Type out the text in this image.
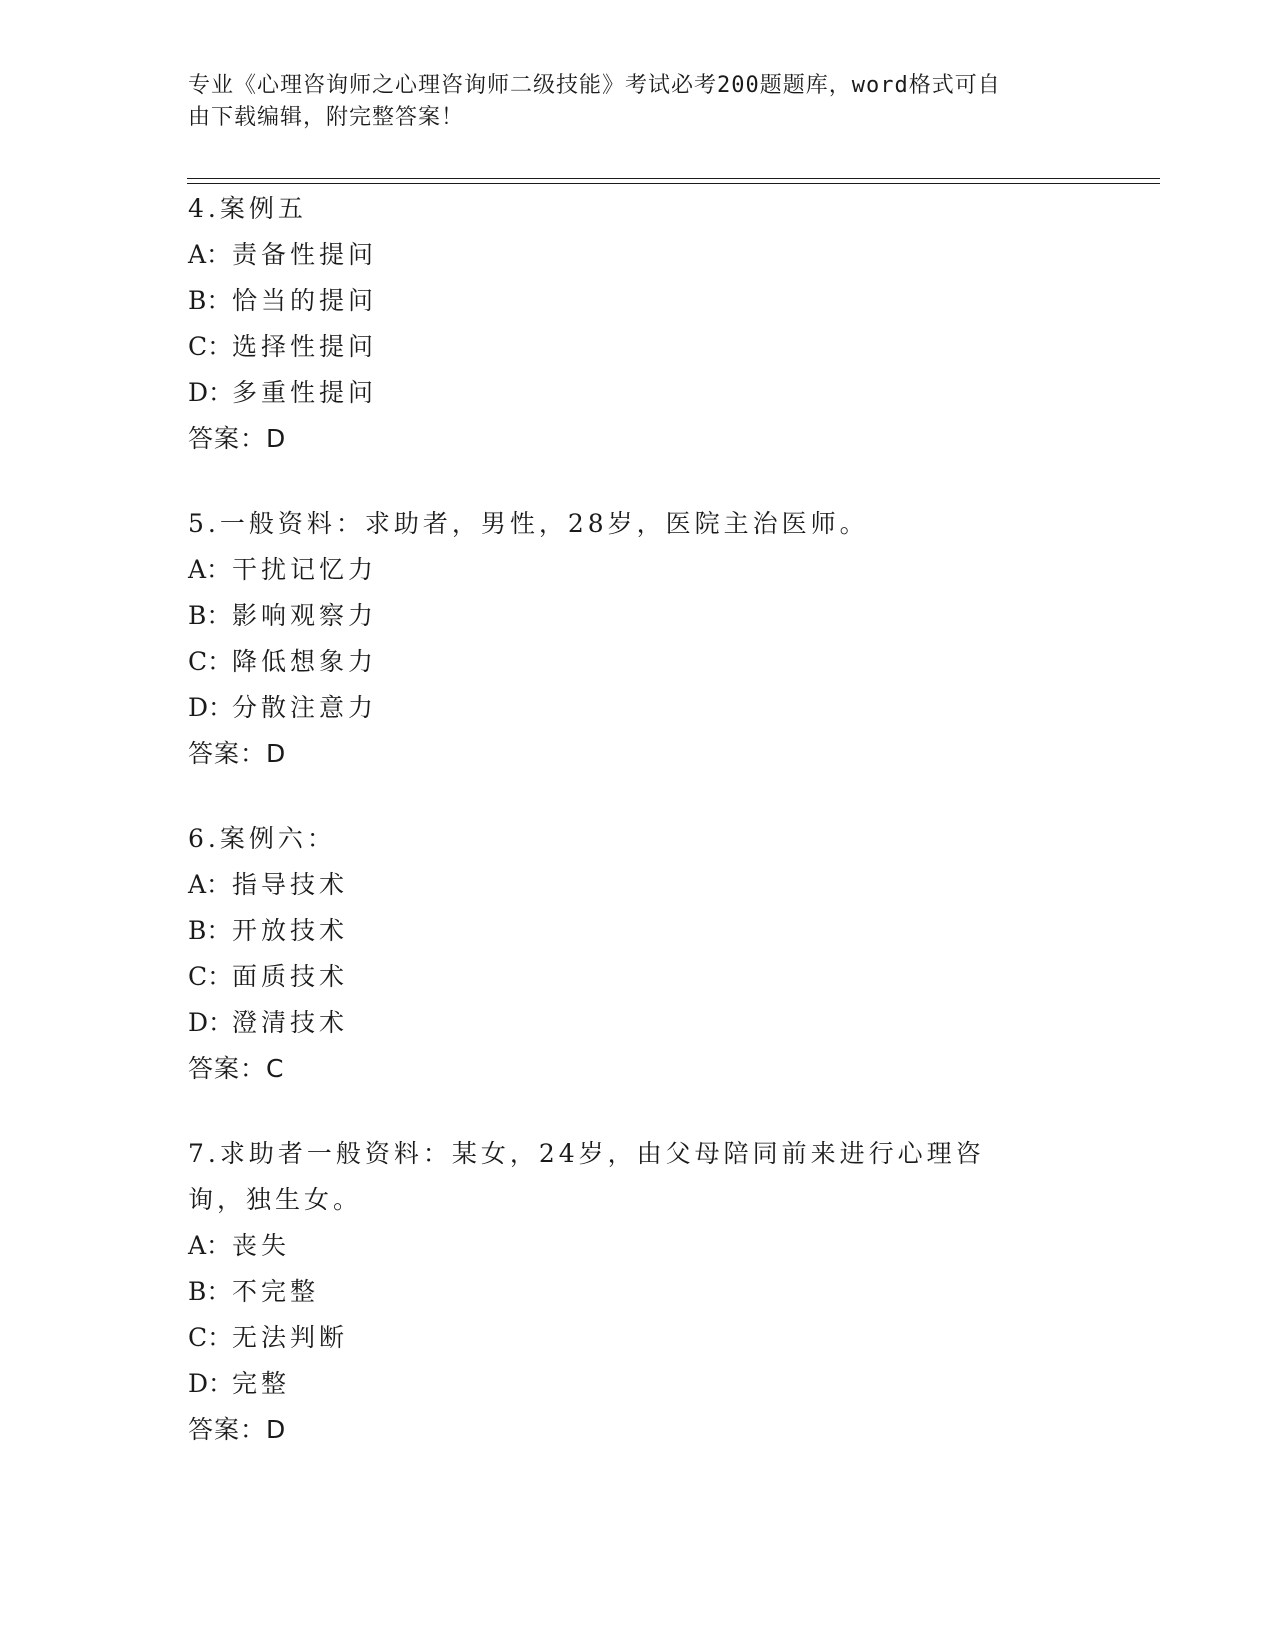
专业《心理咨询师之心理咨询师二级技能》考试必考200题题库，word格式可自
由下载编辑，附完整答案！
4.案例五
A：责备性提问
B：恰当的提问
C：选择性提问
D：多重性提问
答案：D
5.一般资料：求助者，男性，28岁，医院主治医师。
A：干扰记忆力
B：影响观察力
C：降低想象力
D：分散注意力
答案：D
6.案例六：
A：指导技术
B：开放技术
C：面质技术
D：澄清技术
答案：C
7.求助者一般资料：某女，24岁，由父母陪同前来进行心理咨询，独生女。
A：丧失
B：不完整
C：无法判断
D：完整
答案：D
